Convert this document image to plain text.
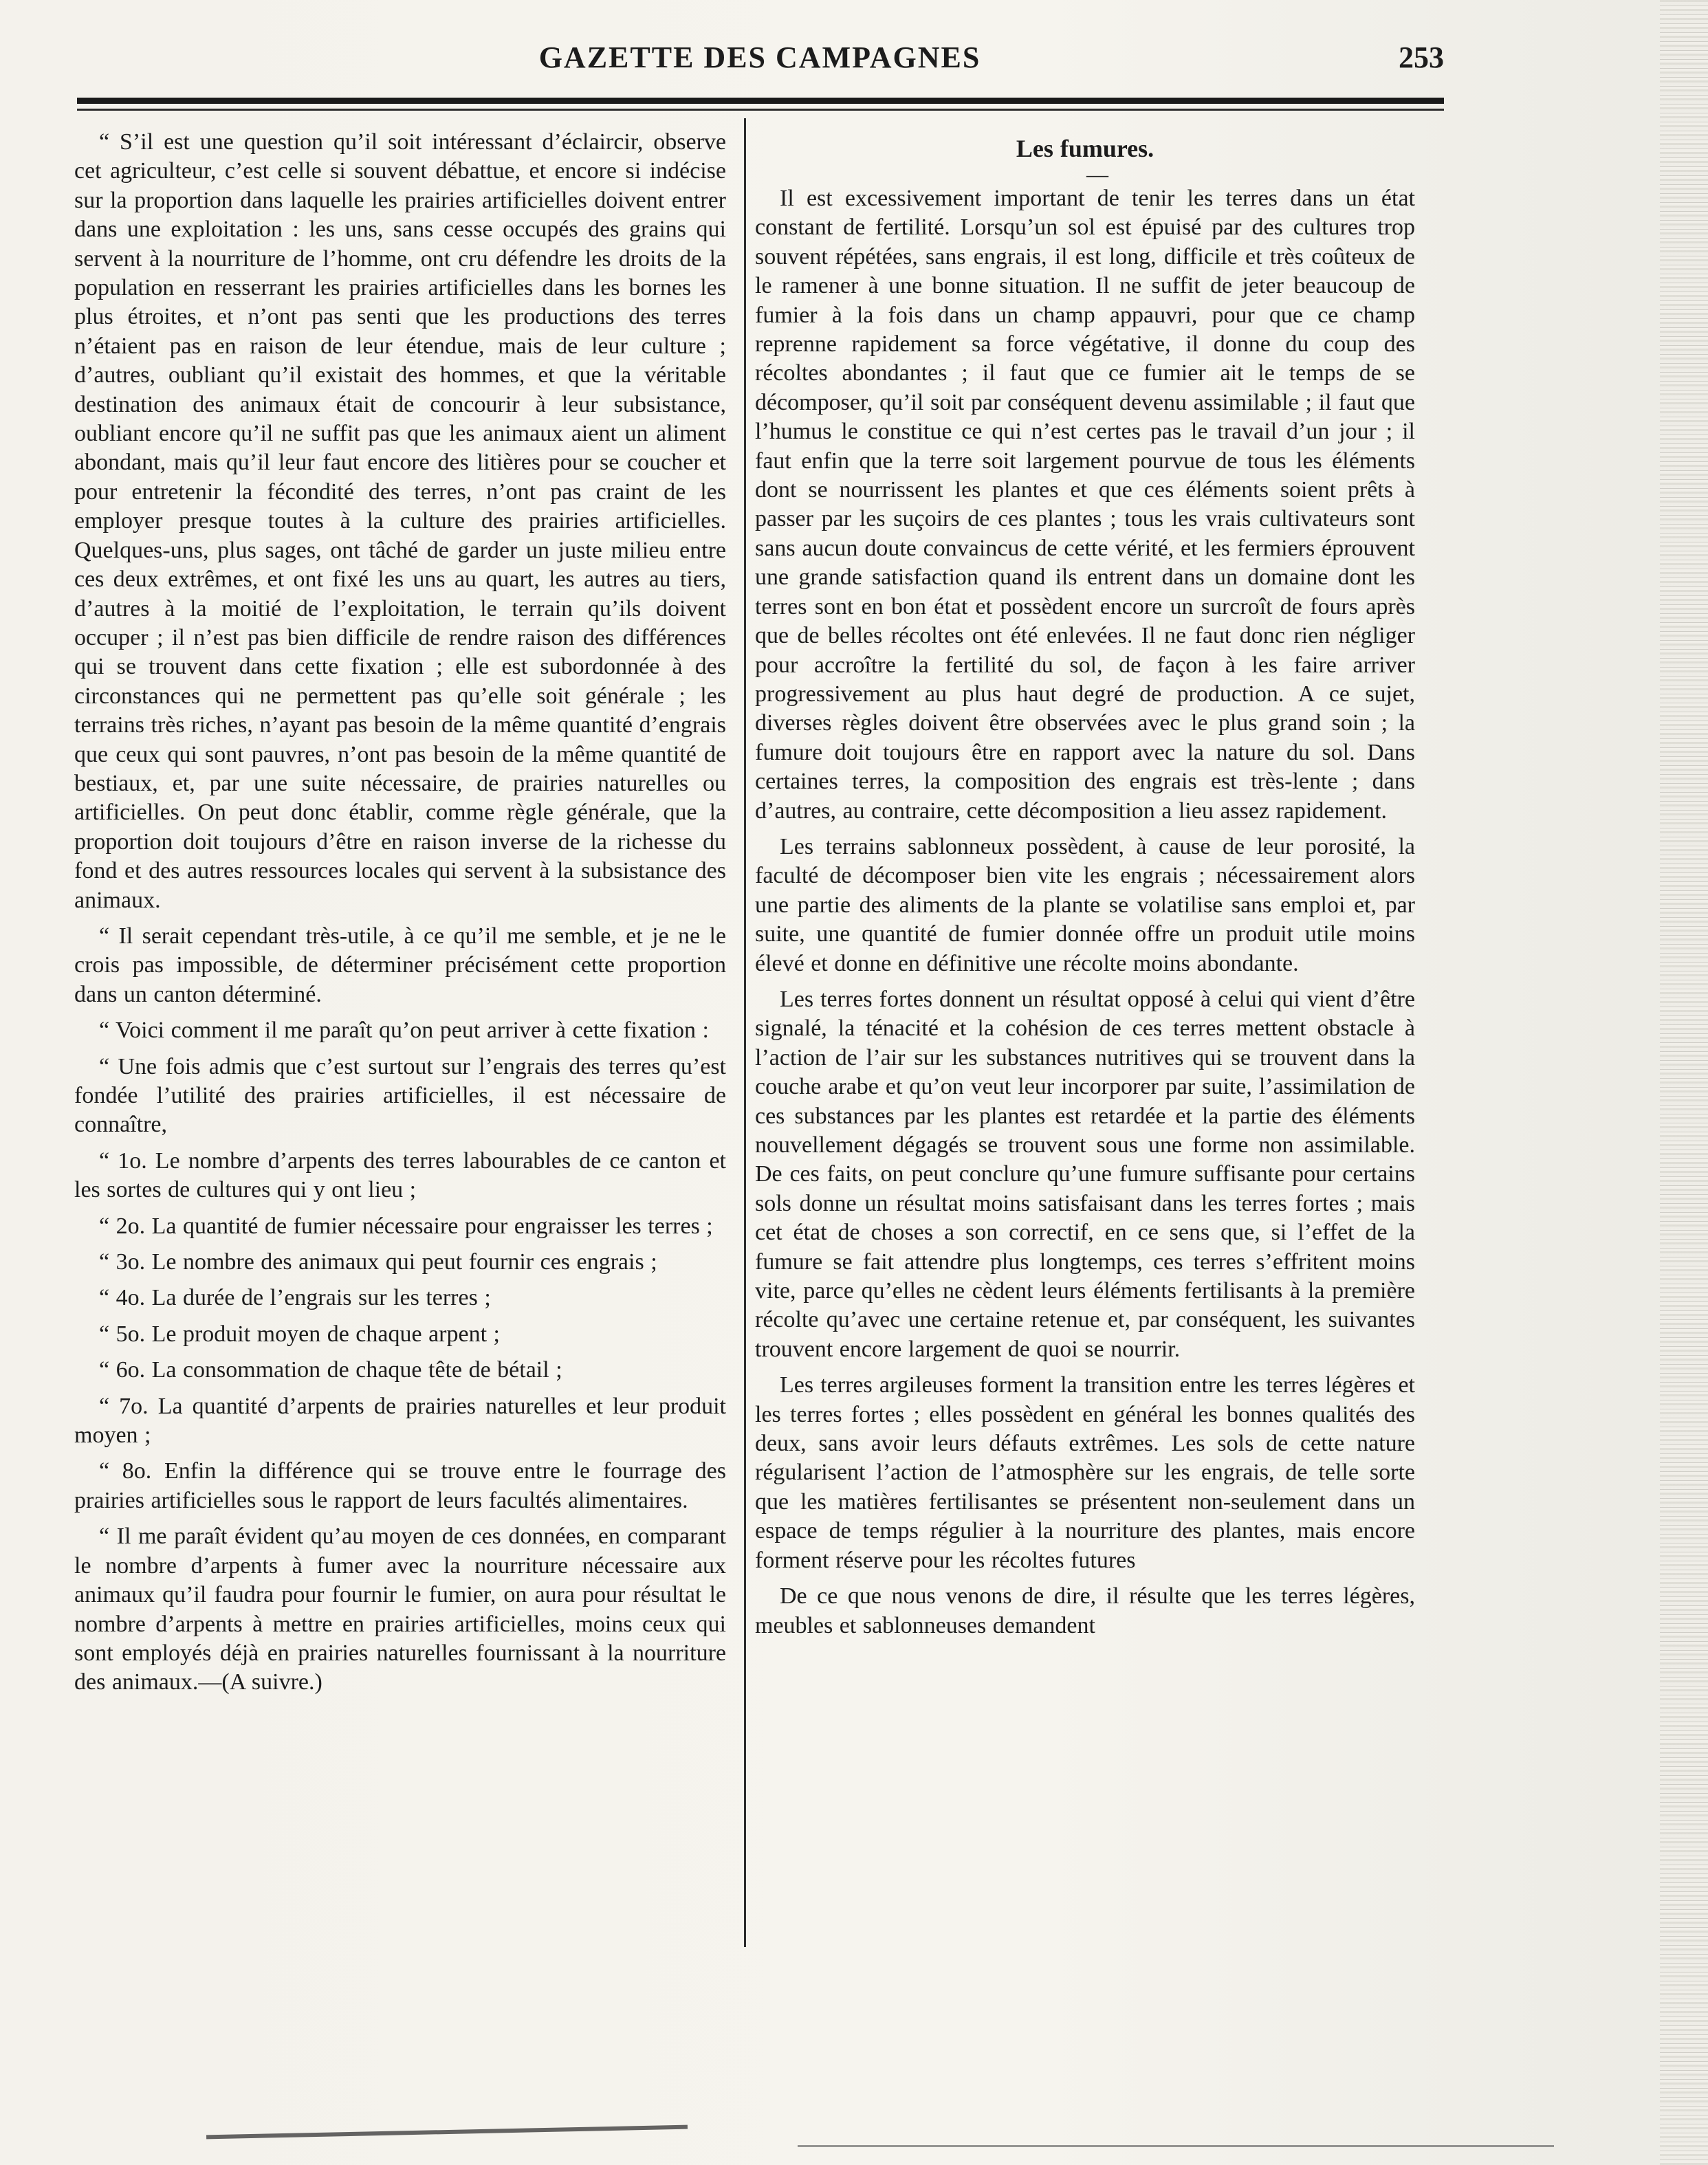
GAZETTE DES CAMPAGNES	253

“ S’il est une question qu’il soit intéressant d’éclaircir, observe cet agriculteur, c’est celle si souvent débattue, et encore si indécise sur la proportion dans laquelle les prairies artificielles doivent entrer dans une exploitation : les uns, sans cesse occupés des grains qui servent à la nourriture de l’homme, ont cru défendre les droits de la population en resserrant les prairies artificielles dans les bornes les plus étroites, et n’ont pas senti que les productions des terres n’étaient pas en raison de leur étendue, mais de leur culture ; d’autres, oubliant qu’il existait des hommes, et que la véritable destination des animaux était de concourir à leur subsistance, oubliant encore qu’il ne suffit pas que les animaux aient un aliment abondant, mais qu’il leur faut encore des litières pour se coucher et pour entretenir la fécondité des terres, n’ont pas craint de les employer presque toutes à la culture des prairies artificielles. Quelques-uns, plus sages, ont tâché de garder un juste milieu entre ces deux extrêmes, et ont fixé les uns au quart, les autres au tiers, d’autres à la moitié de l’exploitation, le terrain qu’ils doivent occuper ; il n’est pas bien difficile de rendre raison des différences qui se trouvent dans cette fixation ; elle est subordonnée à des circonstances qui ne permettent pas qu’elle soit générale ; les terrains très riches, n’ayant pas besoin de la même quantité d’engrais que ceux qui sont pauvres, n’ont pas besoin de la même quantité de bestiaux, et, par une suite nécessaire, de prairies naturelles ou artificielles. On peut donc établir, comme règle générale, que la proportion doit toujours d’être en raison inverse de la richesse du fond et des autres ressources locales qui servent à la subsistance des animaux.

“ Il serait cependant très-utile, à ce qu’il me semble, et je ne le crois pas impossible, de déterminer précisément cette proportion dans un canton déterminé.

“ Voici comment il me paraît qu’on peut arriver à cette fixation :

“ Une fois admis que c’est surtout sur l’engrais des terres qu’est fondée l’utilité des prairies artificielles, il est nécessaire de connaître,

“ 1o. Le nombre d’arpents des terres labourables de ce canton et les sortes de cultures qui y ont lieu ;

“ 2o. La quantité de fumier nécessaire pour engraisser les terres ;

“ 3o. Le nombre des animaux qui peut fournir ces engrais ;

“ 4o. La durée de l’engrais sur les terres ;

“ 5o. Le produit moyen de chaque arpent ;

“ 6o. La consommation de chaque tête de bétail ;

“ 7o. La quantité d’arpents de prairies naturelles et leur produit moyen ;

“ 8o. Enfin la différence qui se trouve entre le fourrage des prairies artificielles sous le rapport de leurs facultés alimentaires.

“ Il me paraît évident qu’au moyen de ces données, en comparant le nombre d’arpents à fumer avec la nourriture nécessaire aux animaux qu’il faudra pour fournir le fumier, on aura pour résultat le nombre d’arpents à mettre en prairies artificielles, moins ceux qui sont employés déjà en prairies naturelles fournissant à la nourriture des animaux.—(A suivre.)

Les fumures.

—

Il est excessivement important de tenir les terres dans un état constant de fertilité. Lorsqu’un sol est épuisé par des cultures trop souvent répétées, sans engrais, il est long, difficile et très coûteux de le ramener à une bonne situation. Il ne suffit de jeter beaucoup de fumier à la fois dans un champ appauvri, pour que ce champ reprenne rapidement sa force végétative, il donne du coup des récoltes abondantes ; il faut que ce fumier ait le temps de se décomposer, qu’il soit par conséquent devenu assimilable ; il faut que l’humus le constitue ce qui n’est certes pas le travail d’un jour ; il faut enfin que la terre soit largement pourvue de tous les éléments dont se nourrissent les plantes et que ces éléments soient prêts à passer par les suçoirs de ces plantes ; tous les vrais cultivateurs sont sans aucun doute convaincus de cette vérité, et les fermiers éprouvent une grande satisfaction quand ils entrent dans un domaine dont les terres sont en bon état et possèdent encore un surcroît de fours après que de belles récoltes ont été enlevées. Il ne faut donc rien négliger pour accroître la fertilité du sol, de façon à les faire arriver progressivement au plus haut degré de production. A ce sujet, diverses règles doivent être observées avec le plus grand soin ; la fumure doit toujours être en rapport avec la nature du sol. Dans certaines terres, la composition des engrais est très-lente ; dans d’autres, au contraire, cette décomposition a lieu assez rapidement.

Les terrains sablonneux possèdent, à cause de leur porosité, la faculté de décomposer bien vite les engrais ; nécessairement alors une partie des aliments de la plante se volatilise sans emploi et, par suite, une quantité de fumier donnée offre un produit utile moins élevé et donne en définitive une récolte moins abondante.

Les terres fortes donnent un résultat opposé à celui qui vient d’être signalé, la ténacité et la cohésion de ces terres mettent obstacle à l’action de l’air sur les substances nutritives qui se trouvent dans la couche arabe et qu’on veut leur incorporer par suite, l’assimilation de ces substances par les plantes est retardée et la partie des éléments nouvellement dégagés se trouvent sous une forme non assimilable. De ces faits, on peut conclure qu’une fumure suffisante pour certains sols donne un résultat moins satisfaisant dans les terres fortes ; mais cet état de choses a son correctif, en ce sens que, si l’effet de la fumure se fait attendre plus longtemps, ces terres s’effritent moins vite, parce qu’elles ne cèdent leurs éléments fertilisants à la première récolte qu’avec une certaine retenue et, par conséquent, les suivantes trouvent encore largement de quoi se nourrir.

Les terres argileuses forment la transition entre les terres légères et les terres fortes ; elles possèdent en général les bonnes qualités des deux, sans avoir leurs défauts extrêmes. Les sols de cette nature régularisent l’action de l’atmosphère sur les engrais, de telle sorte que les matières fertilisantes se présentent non-seulement dans un espace de temps régulier à la nourriture des plantes, mais encore forment réserve pour les récoltes futures

De ce que nous venons de dire, il résulte que les terres légères, meubles et sablonneuses demandent
